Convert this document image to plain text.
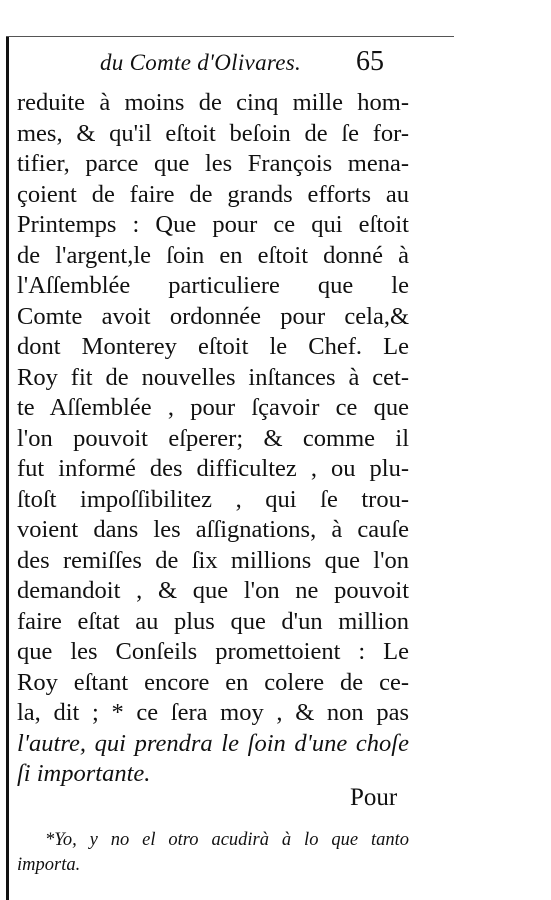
du Comte d'Olivares. 65
reduite à moins de cinq mille hom-
mes, & qu'il eſtoit beſoin de ſe for-
tifier, parce que les François mena-
çoient de faire de grands efforts au
Printemps : Que pour ce qui eſtoit
de l'argent,le ſoin en eſtoit donné à
l'Aſſemblée particuliere que le
Comte avoit ordonnée pour cela,&
dont Monterey eſtoit le Chef. Le
Roy fit de nouvelles inſtances à cet-
te Aſſemblée , pour ſçavoir ce que
l'on pouvoit eſperer; & comme il
fut informé des difficultez , ou plu-
ſtoſt impoſſibilitez , qui ſe trou-
voient dans les aſſignations, à cauſe
des remiſſes de ſix millions que l'on
demandoit , & que l'on ne pouvoit
faire eſtat au plus que d'un million
que les Conſeils promettoient : Le
Roy eſtant encore en colere de ce-
la, dit ; * ce ſera moy , & non pas
l'autre, qui prendra le ſoin d'une choſe
ſi importante.
Pour
*Yo, y no el otro acudirà à lo que tanto
importa.
